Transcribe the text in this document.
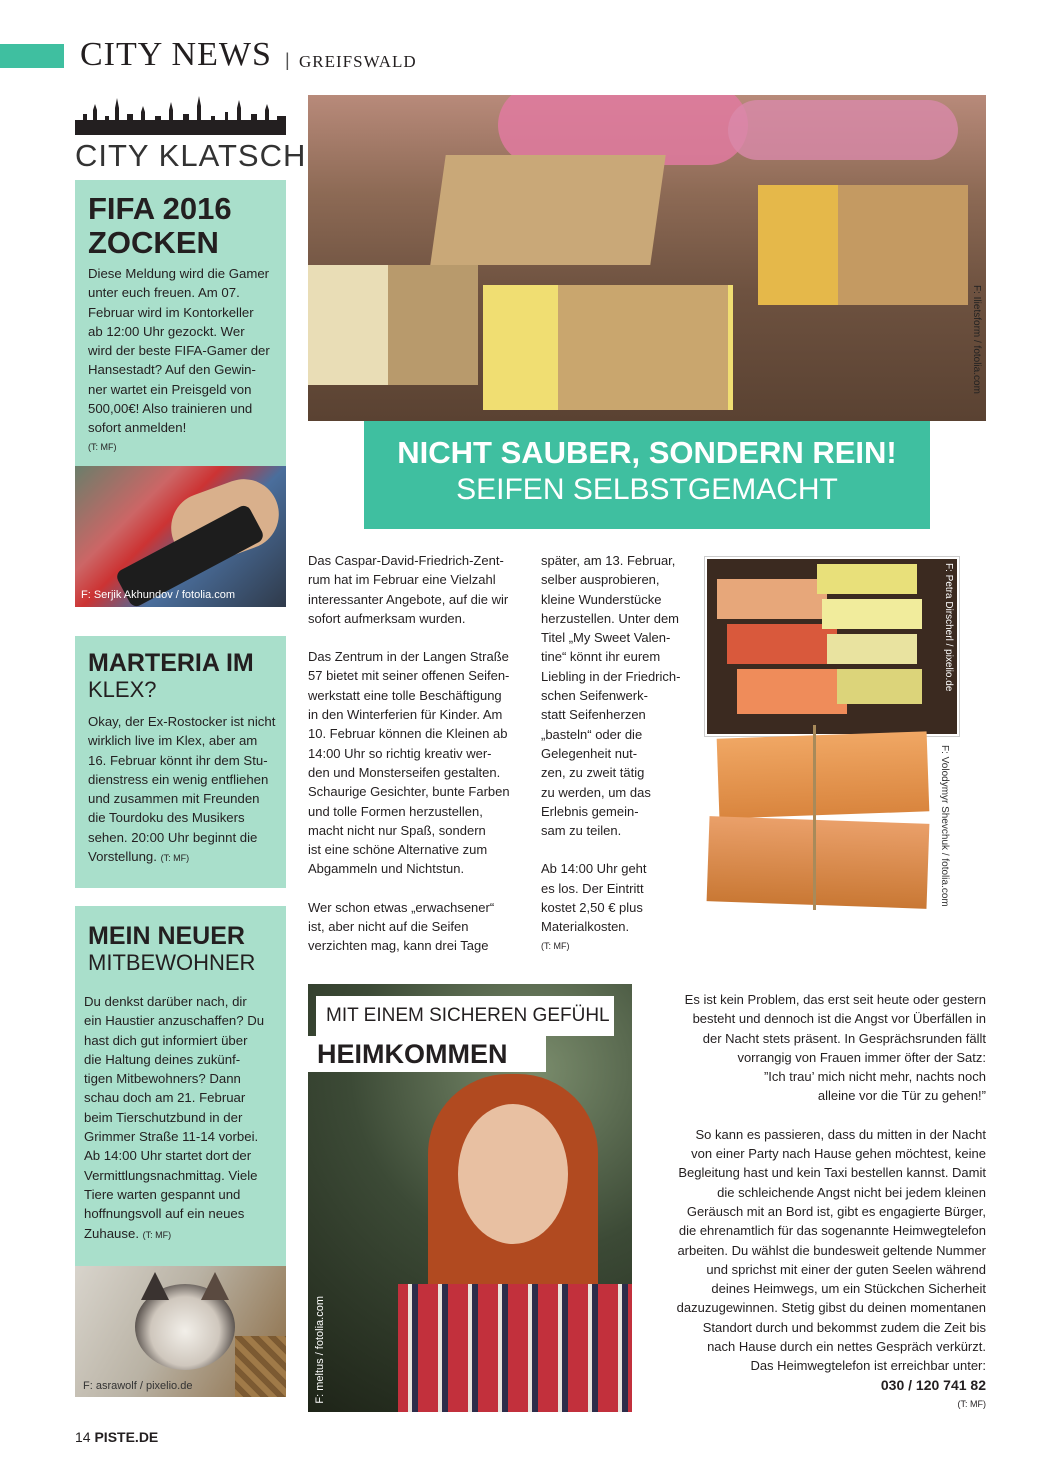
CITY NEWS | GREIFSWALD
CITY KLATSCH
FIFA 2016
ZOCKEN

Diese Meldung wird die Gamer
unter euch freuen. Am 07.
Februar wird im Kontorkeller
ab 12:00 Uhr gezockt. Wer
wird der beste FIFA-Gamer der
Hansestadt? Auf den Gewin-
ner wartet ein Preisgeld von
500,00€! Also trainieren und
sofort anmelden!

(T: MF)
F: Serjik Akhundov / fotolia.com
MARTERIA IM
KLEX?

Okay, der Ex-Rostocker ist nicht
wirklich live im Klex, aber am
16. Februar könnt ihr dem Stu-
dienstress ein wenig entfliehen
und zusammen mit Freunden
die Tourdoku des Musikers
sehen. 20:00 Uhr beginnt die
Vorstellung. (T: MF)

MEIN NEUER
MITBEWOHNER

Du denkst darüber nach, dir
ein Haustier anzuschaffen? Du
hast dich gut informiert über
die Haltung deines zukünf-
tigen Mitbewohners? Dann
schau doch am 21. Februar
beim Tierschutzbund in der
Grimmer Straße 11-14 vorbei.
Ab 14:00 Uhr startet dort der
Vermittlungsnachmittag. Viele
Tiere warten gespannt und
hoffnungsvoll auf ein neues
Zuhause. (T: MF)

F: asrawolf / pixelio.de
F: Ilietsform / fotolia.com
NICHT SAUBER, SONDERN REIN!
SEIFEN SELBSTGEMACHT

Das Caspar-David-Friedrich-Zent-
rum hat im Februar eine Vielzahl
interessanter Angebote, auf die wir
sofort aufmerksam wurden.

Das Zentrum in der Langen Straße
57 bietet mit seiner offenen Seifen-
werkstatt eine tolle Beschäftigung
in den Winterferien für Kinder. Am
10. Februar können die Kleinen ab
14:00 Uhr so richtig kreativ wer-
den und Monsterseifen gestalten.
Schaurige Gesichter, bunte Farben
und tolle Formen herzustellen,
macht nicht nur Spaß, sondern
ist eine schöne Alternative zum
Abgammeln und Nichtstun.

Wer schon etwas „erwachsener“
ist, aber nicht auf die Seifen
verzichten mag, kann drei Tage

später, am 13. Februar,
selber ausprobieren,
kleine Wunderstücke
herzustellen. Unter dem
Titel „My Sweet Valen-
tine“ könnt ihr eurem
Liebling in der Friedrich-
schen Seifenwerk-
statt Seifenherzen
„basteln“ oder die
Gelegenheit nut-
zen, zu zweit tätig
zu werden, um das
Erlebnis gemein-
sam zu teilen.

Ab 14:00 Uhr geht
es los. Der Eintritt
kostet 2,50 € plus
Materialkosten.

(T: MF)
F: Petra Dirscherl / pixelio.de
F: Volodymyr Shevchuk / fotolia.com
MIT EINEM SICHEREN GEFÜHL
HEIMKOMMEN
F: meltus / fotolia.com

Es ist kein Problem, das erst seit heute oder gestern
besteht und dennoch ist die Angst vor Überfällen in
der Nacht stets präsent. In Gesprächsrunden fällt
vorrangig von Frauen immer öfter der Satz:
”Ich trau’ mich nicht mehr, nachts noch
alleine vor die Tür zu gehen!”

So kann es passieren, dass du mitten in der Nacht
von einer Party nach Hause gehen möchtest, keine
Begleitung hast und kein Taxi bestellen kannst. Damit
die schleichende Angst nicht bei jedem kleinen
Geräusch mit an Bord ist, gibt es engagierte Bürger,
die ehrenamtlich für das sogenannte Heimwegtelefon
arbeiten. Du wählst die bundesweit geltende Nummer
und sprichst mit einer der guten Seelen während
deines Heimwegs, um ein Stückchen Sicherheit
dazuzugewinnen. Stetig gibst du deinen momentanen
Standort durch und bekommst zudem die Zeit bis
nach Hause durch ein nettes Gespräch verkürzt.
Das Heimwegtelefon ist erreichbar unter:

030 / 120 741 82

(T: MF)
14 PISTE.DE
